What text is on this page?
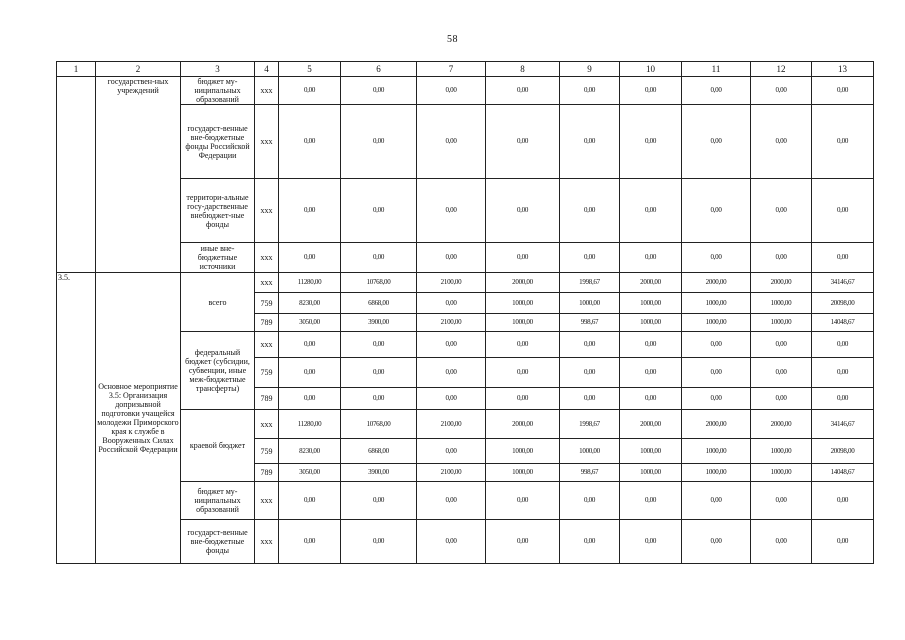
58
1	2	3	4	5	6	7	8	9	10	11	12	13
	государствен-ных учреждений	бюджет му-ниципальных образований	ххх	0,00	0,00	0,00	0,00	0,00	0,00	0,00	0,00	0,00
		государст-венные вне-бюджетные фонды Российской Федерации	ххх	0,00	0,00	0,00	0,00	0,00	0,00	0,00	0,00	0,00
		территори-альные госу-дарственные внебюджет-ные фонды	ххх	0,00	0,00	0,00	0,00	0,00	0,00	0,00	0,00	0,00
		иные вне-бюджетные источники	ххх	0,00	0,00	0,00	0,00	0,00	0,00	0,00	0,00	0,00
3.5.	Основное мероприятие 3.5: Организация допризывной подготовки учащейся молодежи Приморского края к службе в Вооруженных Силах Российской Федерации	всего	ххх	11280,00	10768,00	2100,00	2000,00	1998,67	2000,00	2000,00	2000,00	34146,67
			759	8230,00	6868,00	0,00	1000,00	1000,00	1000,00	1000,00	1000,00	20098,00
			789	3050,00	3900,00	2100,00	1000,00	998,67	1000,00	1000,00	1000,00	14048,67
		федеральный бюджет (субсидии, субвенции, иные меж-бюджетные трансферты)	ххх	0,00	0,00	0,00	0,00	0,00	0,00	0,00	0,00	0,00
			759	0,00	0,00	0,00	0,00	0,00	0,00	0,00	0,00	0,00
			789	0,00	0,00	0,00	0,00	0,00	0,00	0,00	0,00	0,00
		краевой бюджет	ххх	11280,00	10768,00	2100,00	2000,00	1998,67	2000,00	2000,00	2000,00	34146,67
			759	8230,00	6868,00	0,00	1000,00	1000,00	1000,00	1000,00	1000,00	20098,00
			789	3050,00	3900,00	2100,00	1000,00	998,67	1000,00	1000,00	1000,00	14048,67
		бюджет му-ниципальных образований	ххх	0,00	0,00	0,00	0,00	0,00	0,00	0,00	0,00	0,00
		государст-венные вне-бюджетные фонды	ххх	0,00	0,00	0,00	0,00	0,00	0,00	0,00	0,00	0,00
